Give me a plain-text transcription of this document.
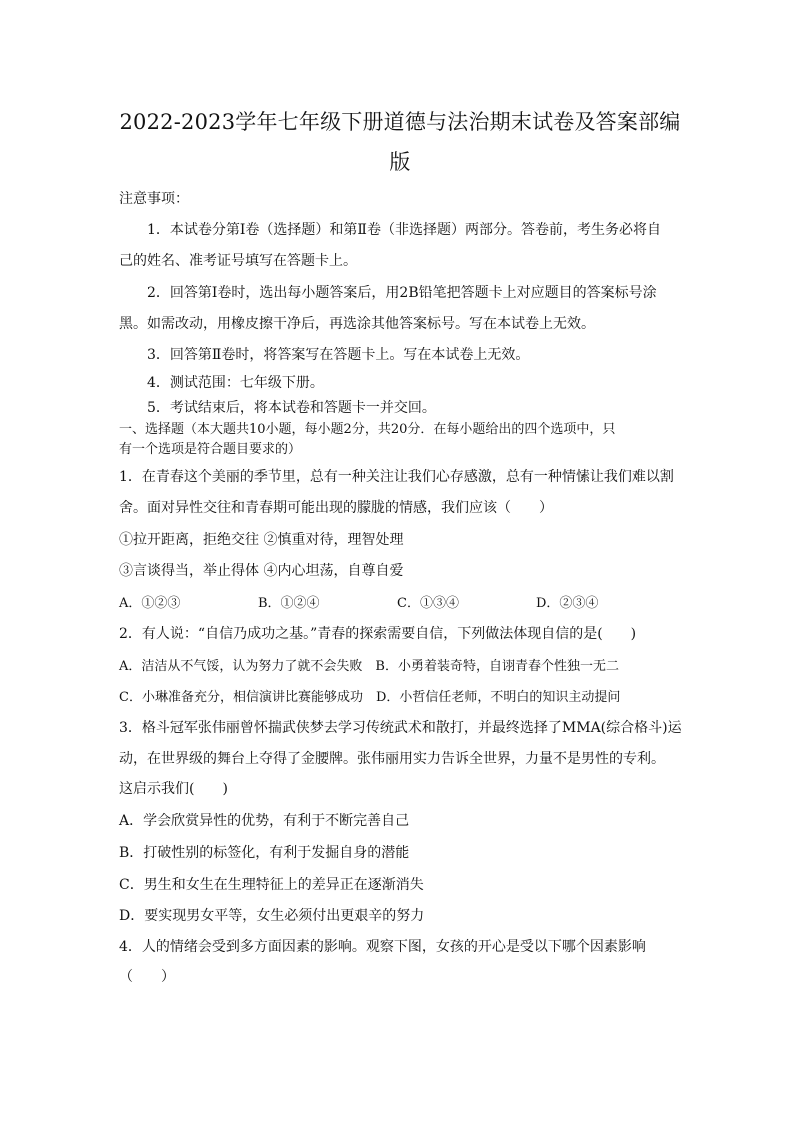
2022-2023学年七年级下册道德与法治期末试卷及答案部编
版
注意事项：
1．本试卷分第Ⅰ卷（选择题）和第Ⅱ卷（非选择题）两部分。答卷前，考生务必将自
己的姓名、准考证号填写在答题卡上。
2．回答第Ⅰ卷时，选出每小题答案后，用2B铅笔把答题卡上对应题目的答案标号涂
黑。如需改动，用橡皮擦干净后，再选涂其他答案标号。写在本试卷上无效。
3．回答第Ⅱ卷时，将答案写在答题卡上。写在本试卷上无效。
4．测试范围：七年级下册。
5．考试结束后，将本试卷和答题卡一并交回。
一、选择题（本大题共10小题，每小题2分，共20分．在每小题给出的四个选项中，只
有一个选项是符合题目要求的）
1．在青春这个美丽的季节里，总有一种关注让我们心存感激，总有一种情愫让我们难以割
舍。面对异性交往和青春期可能出现的朦胧的情感，我们应该（　　）
①拉开距离，拒绝交往 ②慎重对待，理智处理
③言谈得当，举止得体 ④内心坦荡，自尊自爱
A．①②③	B．①②④	C．①③④	D．②③④
2．有人说：“自信乃成功之基。”青春的探索需要自信，下列做法体现自信的是(　　)
A．洁洁从不气馁，认为努力了就不会失败　B．小勇着装奇特，自诩青春个性独一无二
C．小琳准备充分，相信演讲比赛能够成功　D．小哲信任老师，不明白的知识主动提问
3．格斗冠军张伟丽曾怀揣武侠梦去学习传统武术和散打，并最终选择了MMA(综合格斗)运
动，在世界级的舞台上夺得了金腰牌。张伟丽用实力告诉全世界，力量不是男性的专利。
这启示我们(　　)
A．学会欣赏异性的优势，有利于不断完善自己
B．打破性别的标签化，有利于发掘自身的潜能
C．男生和女生在生理特征上的差异正在逐渐消失
D．要实现男女平等，女生必须付出更艰辛的努力
4．人的情绪会受到多方面因素的影响。观察下图，女孩的开心是受以下哪个因素影响
（　　）
